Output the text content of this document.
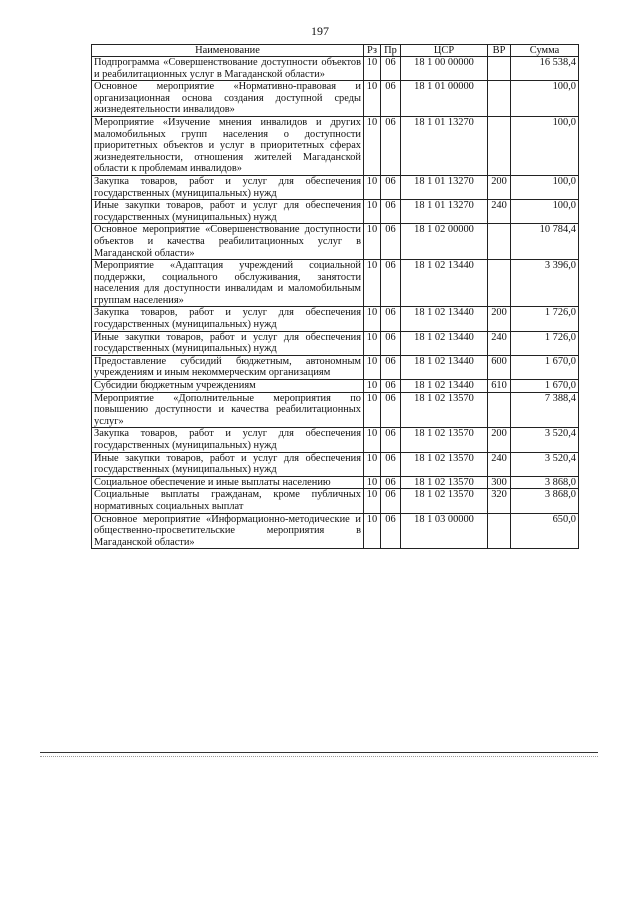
197
Наименование	Рз	Пр	ЦСР	ВР	Сумма
Подпрограмма «Совершенствование доступности объектов и реабилитационных услуг в Магаданской области»	10	06	18 1 00 00000		16 538,4
Основное мероприятие «Нормативно-правовая и организационная основа создания доступной среды жизнедеятельности инвалидов»	10	06	18 1 01 00000		100,0
Мероприятие «Изучение мнения инвалидов и других маломобильных групп населения о доступности приоритетных объектов и услуг в приоритетных сферах жизнедеятельности, отношения жителей Магаданской области к проблемам инвалидов»	10	06	18 1 01 13270		100,0
Закупка товаров, работ и услуг для обеспечения государственных (муниципальных) нужд	10	06	18 1 01 13270	200	100,0
Иные закупки товаров, работ и услуг для обеспечения государственных (муниципальных) нужд	10	06	18 1 01 13270	240	100,0
Основное мероприятие «Совершенствование доступности объектов и качества реабилитационных услуг в Магаданской области»	10	06	18 1 02 00000		10 784,4
Мероприятие «Адаптация учреждений социальной поддержки, социального обслуживания, занятости населения для доступности инвалидам и маломобильным группам населения»	10	06	18 1 02 13440		3 396,0
Закупка товаров, работ и услуг для обеспечения государственных (муниципальных) нужд	10	06	18 1 02 13440	200	1 726,0
Иные закупки товаров, работ и услуг для обеспечения государственных (муниципальных) нужд	10	06	18 1 02 13440	240	1 726,0
Предоставление субсидий бюджетным, автономным учреждениям и иным некоммерческим организациям	10	06	18 1 02 13440	600	1 670,0
Субсидии бюджетным учреждениям	10	06	18 1 02 13440	610	1 670,0
Мероприятие «Дополнительные мероприятия по повышению доступности и качества реабилитационных услуг»	10	06	18 1 02 13570		7 388,4
Закупка товаров, работ и услуг для обеспечения государственных (муниципальных) нужд	10	06	18 1 02 13570	200	3 520,4
Иные закупки товаров, работ и услуг для обеспечения государственных (муниципальных) нужд	10	06	18 1 02 13570	240	3 520,4
Социальное обеспечение и иные выплаты населению	10	06	18 1 02 13570	300	3 868,0
Социальные выплаты гражданам, кроме публичных нормативных социальных выплат	10	06	18 1 02 13570	320	3 868,0
Основное мероприятие «Информационно-методические и общественно-просветительские мероприятия в Магаданской области»	10	06	18 1 03 00000		650,0
